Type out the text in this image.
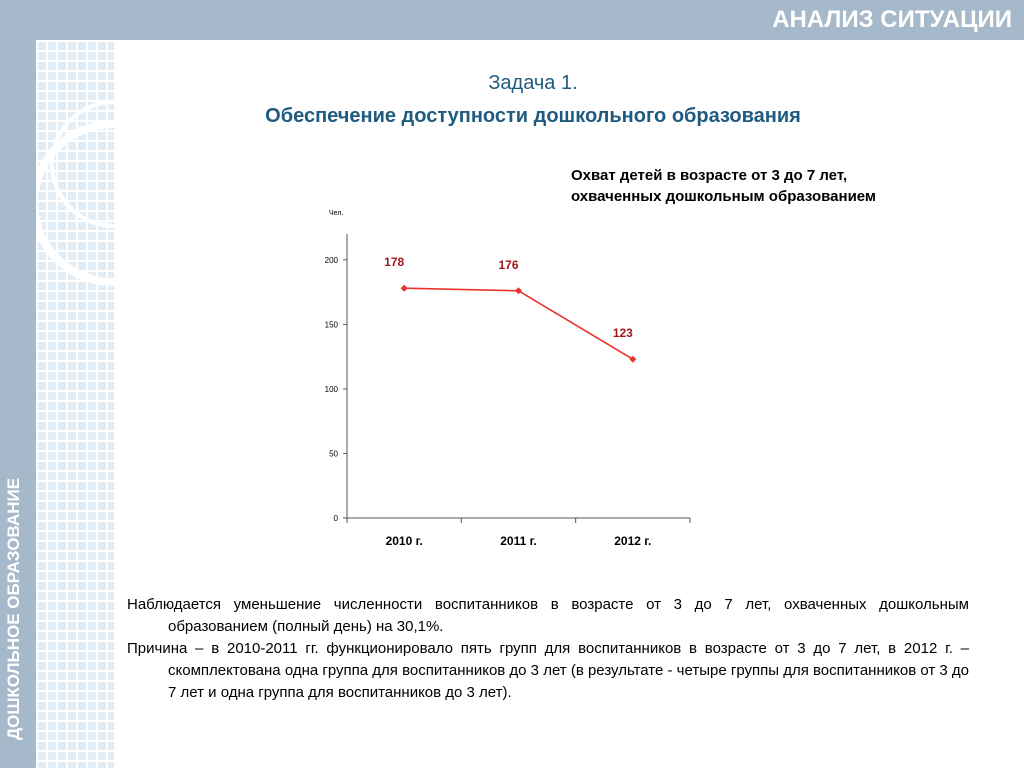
АНАЛИЗ СИТУАЦИИ
ДОШКОЛЬНОЕ ОБРАЗОВАНИЕ
Задача 1.
Обеспечение доступности дошкольного образования
Охват детей в возрасте от 3 до 7 лет,
охваченных дошкольным образованием
Чел.
0
50
100
150
200
2010 г.	2011 г.	2012 г.
178	176
123

Наблюдается уменьшение численности воспитанников в возрасте от 3 до 7 лет, охваченных дошкольным образованием (полный день) на 30,1%.

Причина – в 2010-2011 гг. функционировало пять групп для воспитанников в возрасте от 3 до 7 лет, в 2012 г. – скомплектована одна группа для воспитанников до 3 лет (в результате - четыре группы для воспитанников от 3 до 7 лет и одна группа для воспитанников до 3 лет).
